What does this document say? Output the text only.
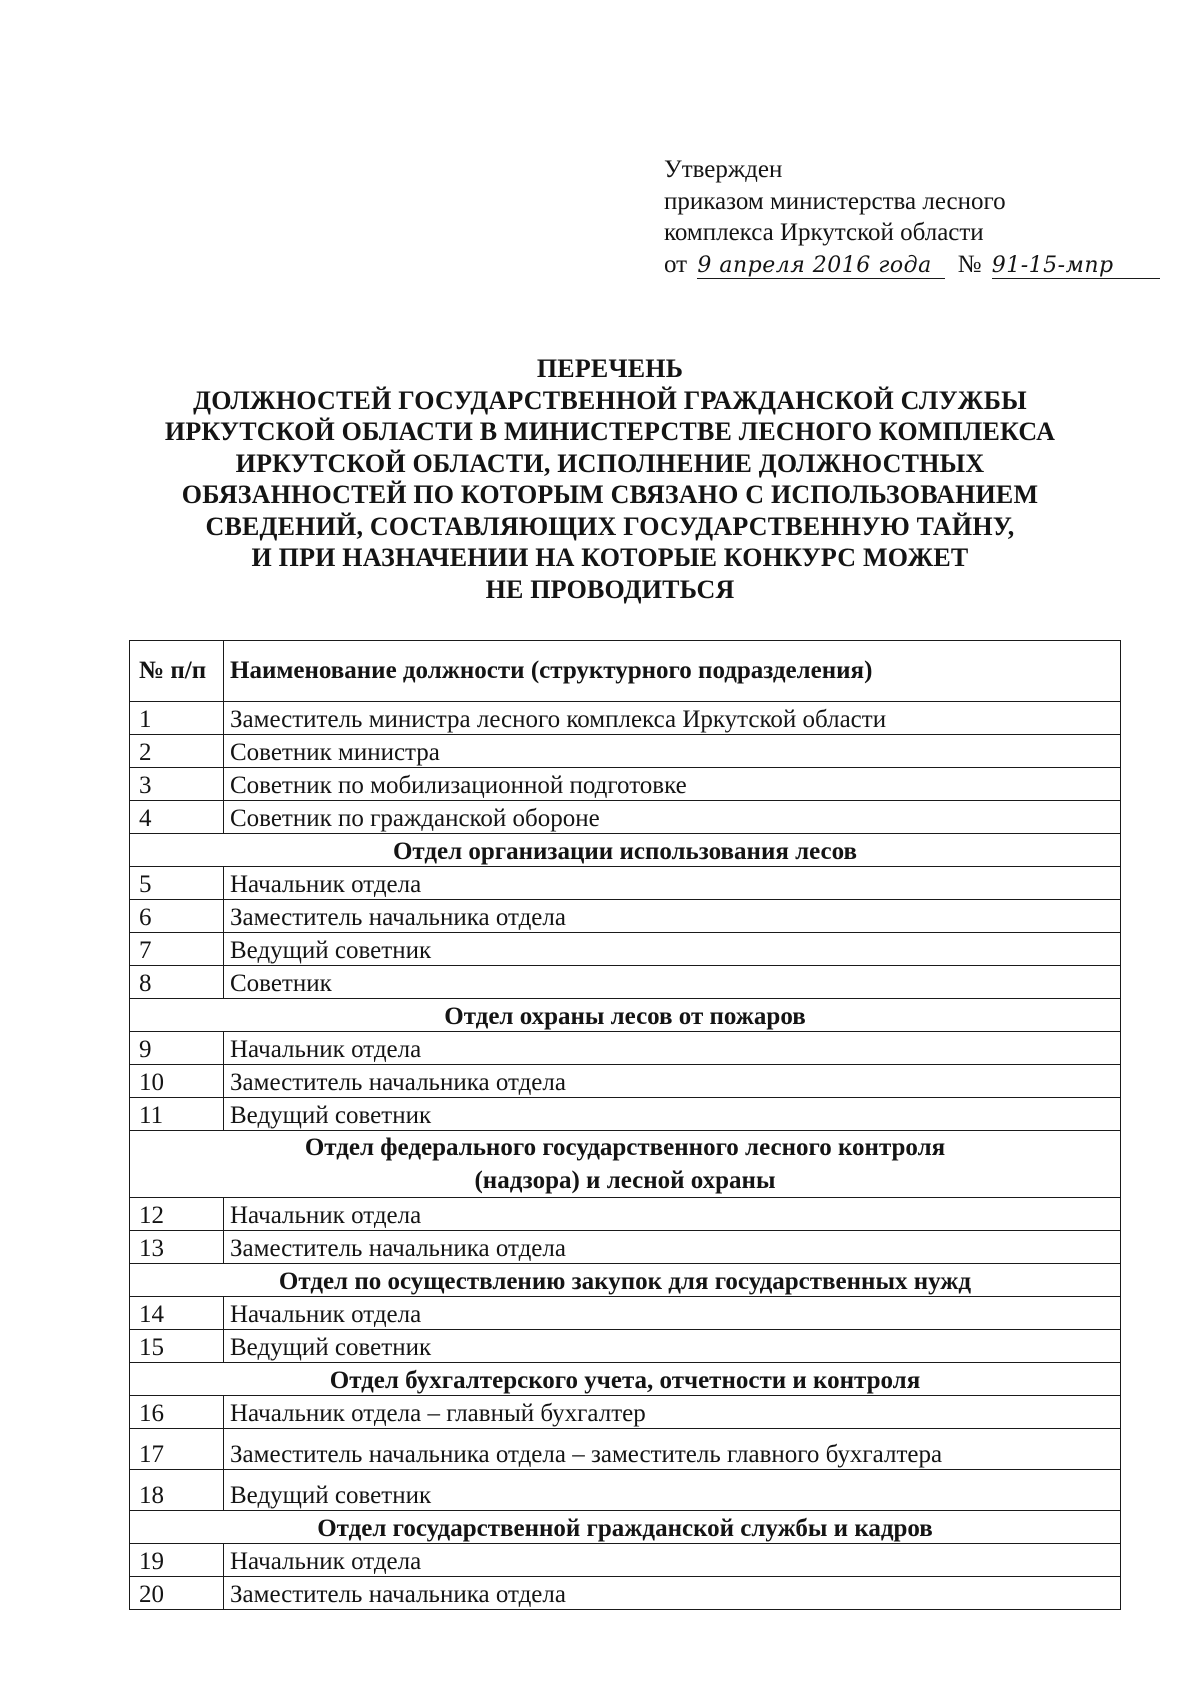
Утвержден
приказом министерства лесного
комплекса Иркутской области
от 9 апреля 2016 года № 91-15-мпр
ПЕРЕЧЕНЬ
ДОЛЖНОСТЕЙ ГОСУДАРСТВЕННОЙ ГРАЖДАНСКОЙ СЛУЖБЫ
ИРКУТСКОЙ ОБЛАСТИ В МИНИСТЕРСТВЕ ЛЕСНОГО КОМПЛЕКСА
ИРКУТСКОЙ ОБЛАСТИ, ИСПОЛНЕНИЕ ДОЛЖНОСТНЫХ
ОБЯЗАННОСТЕЙ ПО КОТОРЫМ СВЯЗАНО С ИСПОЛЬЗОВАНИЕМ
СВЕДЕНИЙ, СОСТАВЛЯЮЩИХ ГОСУДАРСТВЕННУЮ ТАЙНУ,
И ПРИ НАЗНАЧЕНИИ НА КОТОРЫЕ КОНКУРС МОЖЕТ
НЕ ПРОВОДИТЬСЯ
№ п/п	Наименование должности (структурного подразделения)
1	Заместитель министра лесного комплекса Иркутской области
2	Советник министра
3	Советник по мобилизационной подготовке
4	Советник по гражданской обороне
Отдел организации использования лесов	
5	Начальник отдела
6	Заместитель начальника отдела
7	Ведущий советник
8	Советник
Отдел охраны лесов от пожаров	
9	Начальник отдела
10	Заместитель начальника отдела
11	Ведущий советник

Отдел федерального государственного лесного контроля
(надзора) и лесной охраны	

12	Начальник отдела
13	Заместитель начальника отдела
Отдел по осуществлению закупок для государственных нужд	
14	Начальник отдела
15	Ведущий советник
Отдел бухгалтерского учета, отчетности и контроля	
16	Начальник отдела – главный бухгалтер
17	Заместитель начальника отдела – заместитель главного бухгалтера
18	Ведущий советник
Отдел государственной гражданской службы и кадров	
19	Начальник отдела
20	Заместитель начальника отдела
